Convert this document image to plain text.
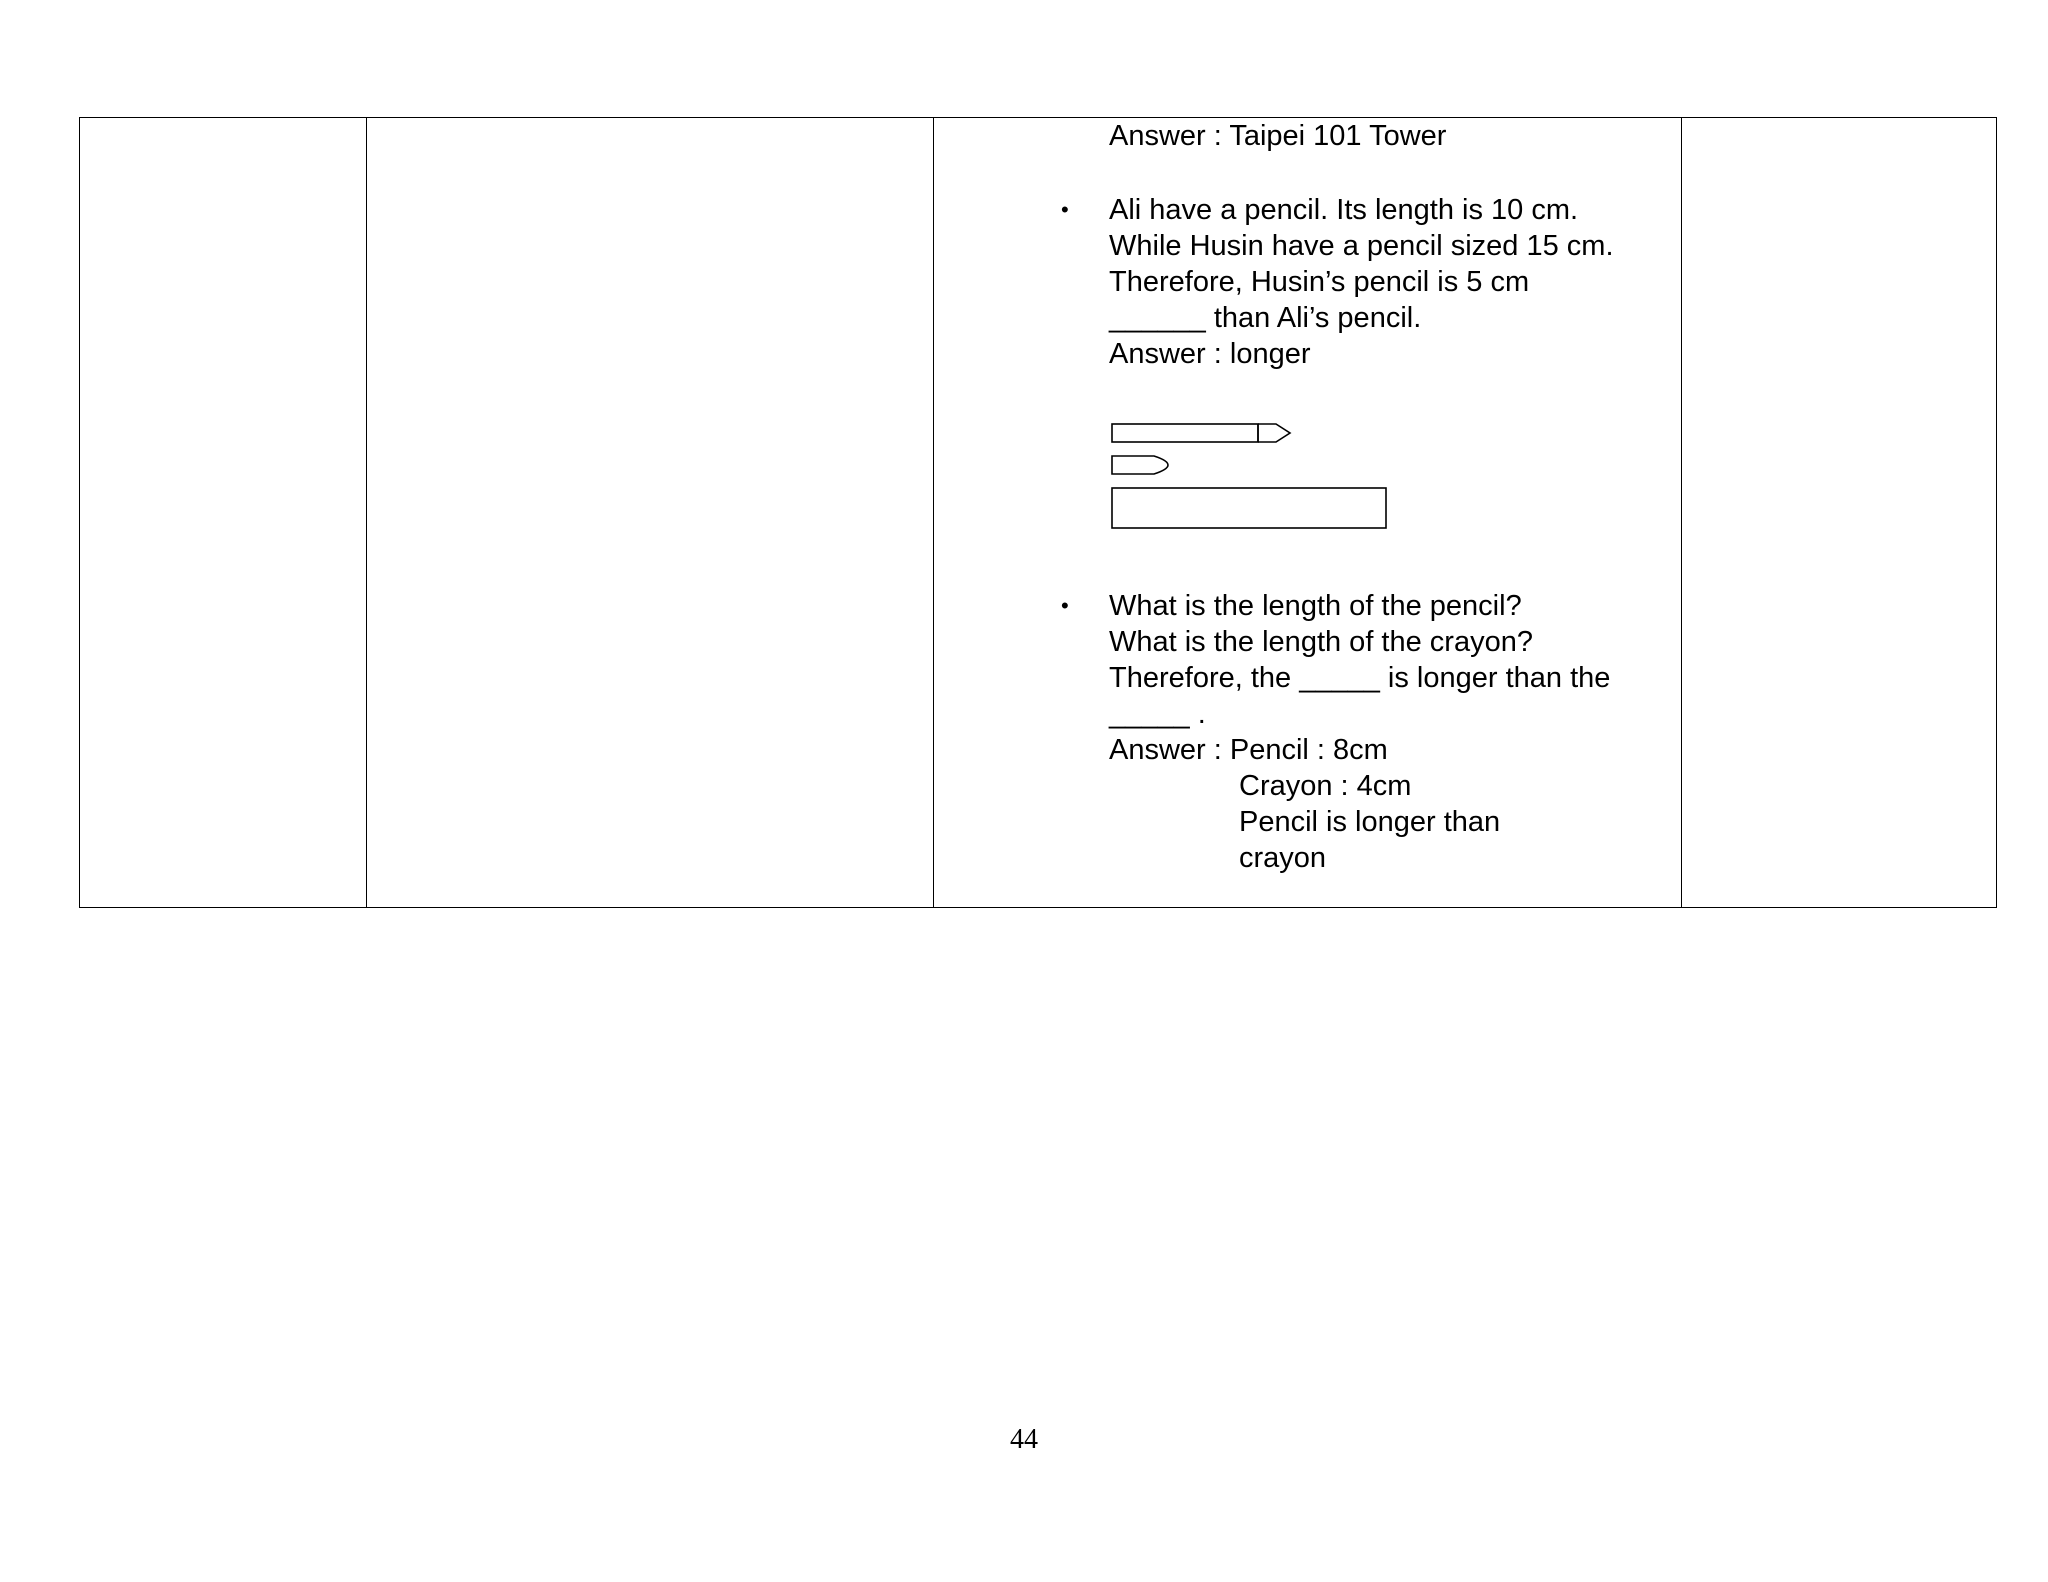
Answer : Taipei 101 Tower
• Ali have a pencil. Its length is 10 cm.
While Husin have a pencil sized 15 cm.
Therefore, Husin’s pencil is 5 cm
______ than Ali’s pencil.
Answer : longer
• What is the length of the pencil?
What is the length of the crayon?
Therefore, the _____ is longer than the
_____ .
Answer : Pencil : 8cm
Crayon : 4cm
Pencil is longer than
crayon
44
